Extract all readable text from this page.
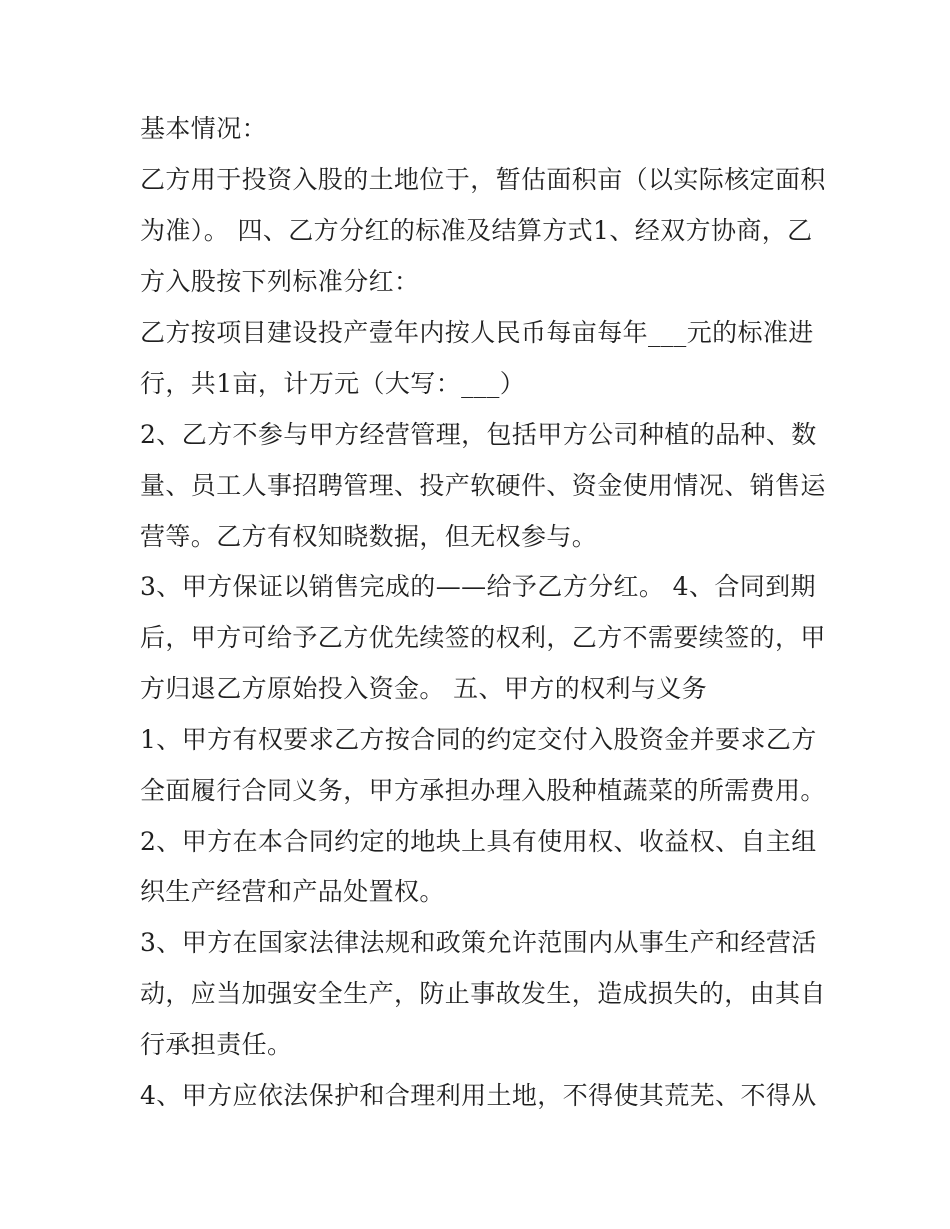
基本情况：

乙方用于投资入股的土地位于，暂估面积亩（以实际核定面积

为准）。 四、乙方分红的标准及结算方式1、经双方协商，乙

方入股按下列标准分红：

乙方按项目建设投产壹年内按人民币每亩每年___元的标准进

行，共1亩，计万元（大写：___）

2、乙方不参与甲方经营管理，包括甲方公司种植的品种、数

量、员工人事招聘管理、投产软硬件、资金使用情况、销售运

营等。乙方有权知晓数据，但无权参与。

3、甲方保证以销售完成的——给予乙方分红。 4、合同到期

后，甲方可给予乙方优先续签的权利，乙方不需要续签的，甲

方归退乙方原始投入资金。 五、甲方的权利与义务

1、甲方有权要求乙方按合同的约定交付入股资金并要求乙方

全面履行合同义务，甲方承担办理入股种植蔬菜的所需费用。

2、甲方在本合同约定的地块上具有使用权、收益权、自主组

织生产经营和产品处置权。

3、甲方在国家法律法规和政策允许范围内从事生产和经营活

动，应当加强安全生产，防止事故发生，造成损失的，由其自

行承担责任。

4、甲方应依法保护和合理利用土地，不得使其荒芜、不得从
